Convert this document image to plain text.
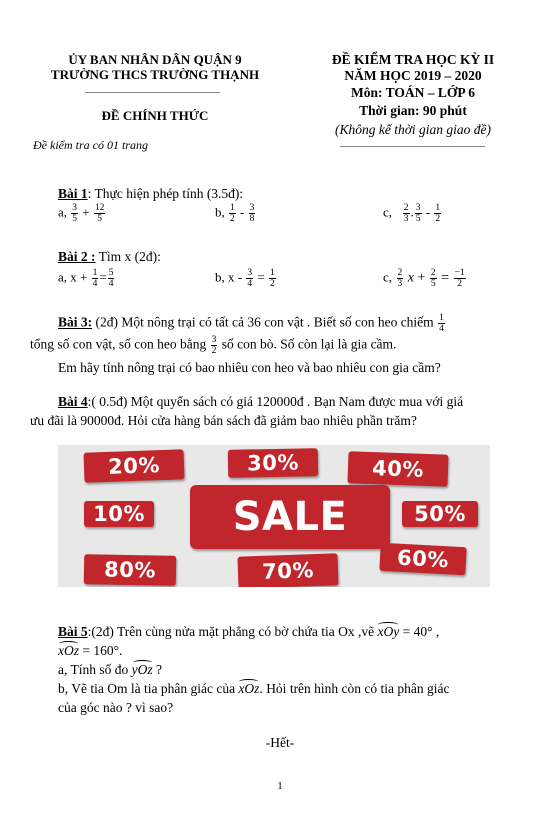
ỦY BAN NHÂN DÂN QUẬN 9
TRƯỜNG THCS TRƯỜNG THẠNH
ĐỀ CHÍNH THỨC
Đề kiểm tra có 01 trang
ĐỀ KIỂM TRA HỌC KỲ II
NĂM HỌC 2019 – 2020
Môn: TOÁN – LỚP 6
Thời gian: 90 phút
(Không kể thời gian giao đề)
Bài 1: Thực hiện phép tính (3.5đ):
a, $\frac{3}{5} + \frac{12}{5}$	b, $\frac{1}{2} - \frac{3}{8}$	c, $\frac{2}{3}$ . $\frac{3}{5} - \frac{1}{2}$
Bài 2 : Tìm x (2đ):
a, $x + \frac{1}{4} = \frac{5}{4}$	b, $x - \frac{3}{4} = \frac{1}{2}$	c, $\frac{2}{3}$ $x + \frac{2}{5} = \frac{-1}{2}$
Bài 3: (2đ) Một nông trại có tất cả 36 con vật . Biết số con heo chiếm $\frac{1}{4}$
tổng số con vật, số con heo bằng $\frac{3}{2}$ số con bò. Số còn lại là gia cầm.
Em hãy tính nông trại có bao nhiêu con heo và bao nhiêu con gia cầm?
Bài 4:( 0.5đ) Một quyển sách có giá 120000đ . Bạn Nam được mua với giá
ưu đãi là 90000đ. Hỏi cửa hàng bán sách đã giảm bao nhiêu phần trăm?
20%	30%	40%
10%	SALE	50%
80%	70%	60%
Bài 5:(2đ) Trên cùng nửa mặt phẳng có bờ chứa tia Ox ,vẽ xOy = 40° ,
xOz = 160°.
a, Tính số đo yOz ?
b, Vẽ tia Om là tia phân giác của xOz. Hỏi trên hình còn có tia phân giác
của góc nào ? vì sao?
-Hết-
1
